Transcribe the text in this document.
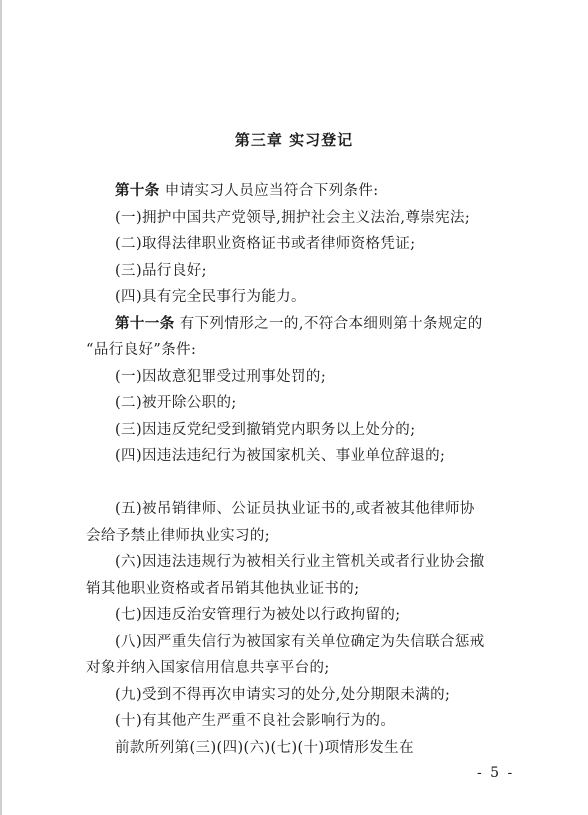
第三章 实习登记
第十条 申请实习人员应当符合下列条件:
(一)拥护中国共产党领导,拥护社会主义法治,尊崇宪法;
(二)取得法律职业资格证书或者律师资格凭证;
(三)品行良好;
(四)具有完全民事行为能力。
第十一条 有下列情形之一的,不符合本细则第十条规定的
“品行良好”条件:
(一)因故意犯罪受过刑事处罚的;
(二)被开除公职的;
(三)因违反党纪受到撤销党内职务以上处分的;
(四)因违法违纪行为被国家机关、事业单位辞退的;
(五)被吊销律师、公证员执业证书的,或者被其他律师协
会给予禁止律师执业实习的;
(六)因违法违规行为被相关行业主管机关或者行业协会撤
销其他职业资格或者吊销其他执业证书的;
(七)因违反治安管理行为被处以行政拘留的;
(八)因严重失信行为被国家有关单位确定为失信联合惩戒
对象并纳入国家信用信息共享平台的;
(九)受到不得再次申请实习的处分,处分期限未满的;
(十)有其他产生严重不良社会影响行为的。
前款所列第(三)(四)(六)(七)(十)项情形发生在
- 5 -
